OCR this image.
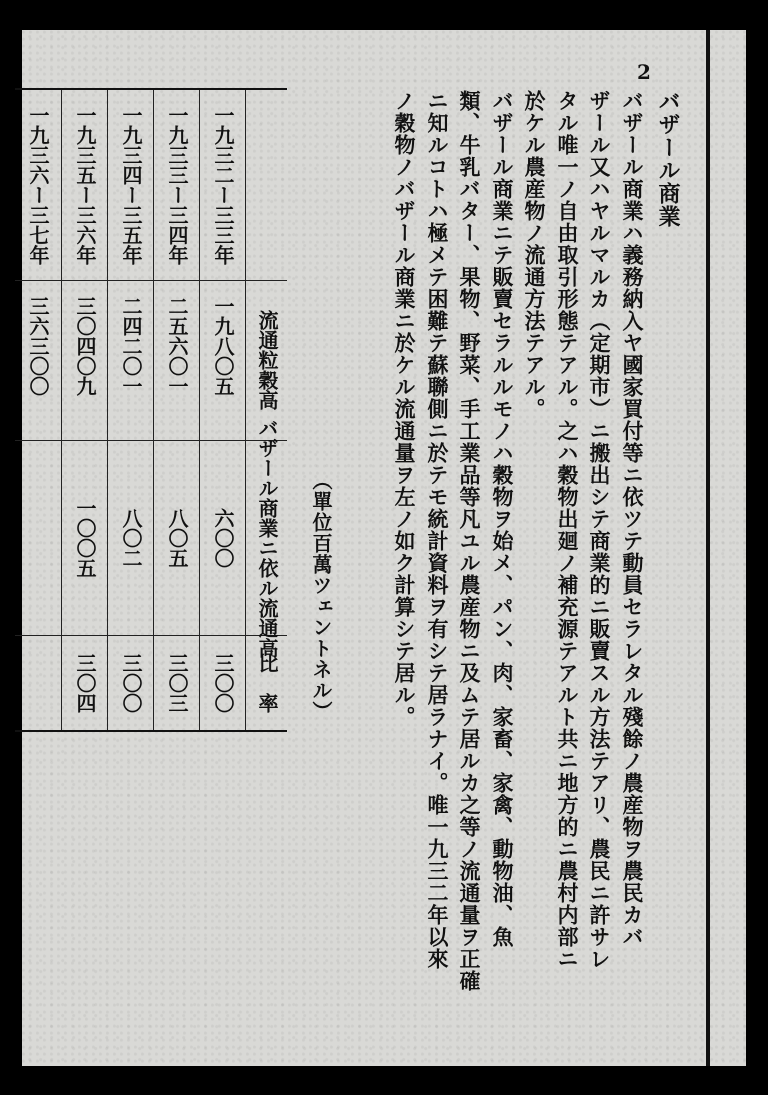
2
バザール商業
バザール商業ハ義務納入ヤ國家買付等ニ依ツテ動員セラレタル殘餘ノ農産物ヲ農民カバ
ザール又ハヤルマルカ（定期市）ニ搬出シテ商業的ニ販賣スル方法テアリ、農民ニ許サレ
タル唯一ノ自由取引形態テアル。之ハ穀物出廻ノ補充源テアルト共ニ地方的ニ農村内部ニ
於ケル農産物ノ流通方法テアル。
バザール商業ニテ販賣セラルルモノハ穀物ヲ始メ、パン、肉、家畜、家禽、動物油、魚
類、牛乳バター、果物、野菜、手工業品等凡ユル農産物ニ及ムテ居ルカ之等ノ流通量ヲ正確
ニ知ルコトハ極メテ困難テ蘇聯側ニ於テモ統計資料ヲ有シテ居ラナイ。唯一九三二年以來
ノ穀物ノバザール商業ニ於ケル流通量ヲ左ノ如ク計算シテ居ル。
（單位百萬ツェントネル）
流通粒穀高
バザール商業ニ依ル流通高
比　率
一九三二ー三三年
一九八〇五
六〇〇
三〇〇
一九三三ー三四年
二五六〇一
八〇五
三〇三
一九三四ー三五年
二四二〇一
八〇二
三〇〇
一九三五ー三六年
三〇四〇九
一〇〇五
三〇四
一九三六ー三七年
三六三〇〇
